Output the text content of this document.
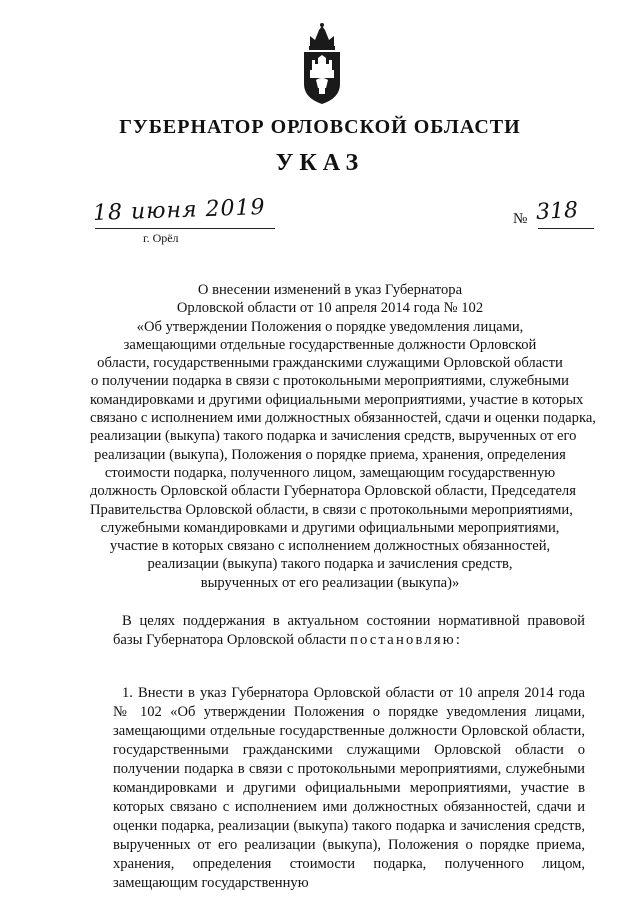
ГУБЕРНАТОР ОРЛОВСКОЙ ОБЛАСТИ
УКАЗ
18 июня 2019
г. Орёл
№ 318
О внесении изменений в указ Губернатора
Орловской области от 10 апреля 2014 года № 102
«Об утверждении Положения о порядке уведомления лицами,
замещающими отдельные государственные должности Орловской
области, государственными гражданскими служащими Орловской области
о получении подарка в связи с протокольными мероприятиями, служебными
командировками и другими официальными мероприятиями, участие в которых
связано с исполнением ими должностных обязанностей, сдачи и оценки подарка,
реализации (выкупа) такого подарка и зачисления средств, вырученных от его
реализации (выкупа), Положения о порядке приема, хранения, определения
стоимости подарка, полученного лицом, замещающим государственную
должность Орловской области Губернатора Орловской области, Председателя
Правительства Орловской области, в связи с протокольными мероприятиями,
служебными командировками и другими официальными мероприятиями,
участие в которых связано с исполнением должностных обязанностей,
реализации (выкупа) такого подарка и зачисления средств,
вырученных от его реализации (выкупа)»

В целях поддержания в актуальном состоянии нормативной правовой базы Губернатора Орловской области постановляю:

1. Внести в указ Губернатора Орловской области от 10 апреля 2014 года № 102 «Об утверждении Положения о порядке уведомления лицами, замещающими отдельные государственные должности Орловской области, государственными гражданскими служащими Орловской области о получении подарка в связи с протокольными мероприятиями, служебными командировками и другими официальными мероприятиями, участие в которых связано с исполнением ими должностных обязанностей, сдачи и оценки подарка, реализации (выкупа) такого подарка и зачисления средств, вырученных от его реализации (выкупа), Положения о порядке приема, хранения, определения стоимости подарка, полученного лицом, замещающим государственную
